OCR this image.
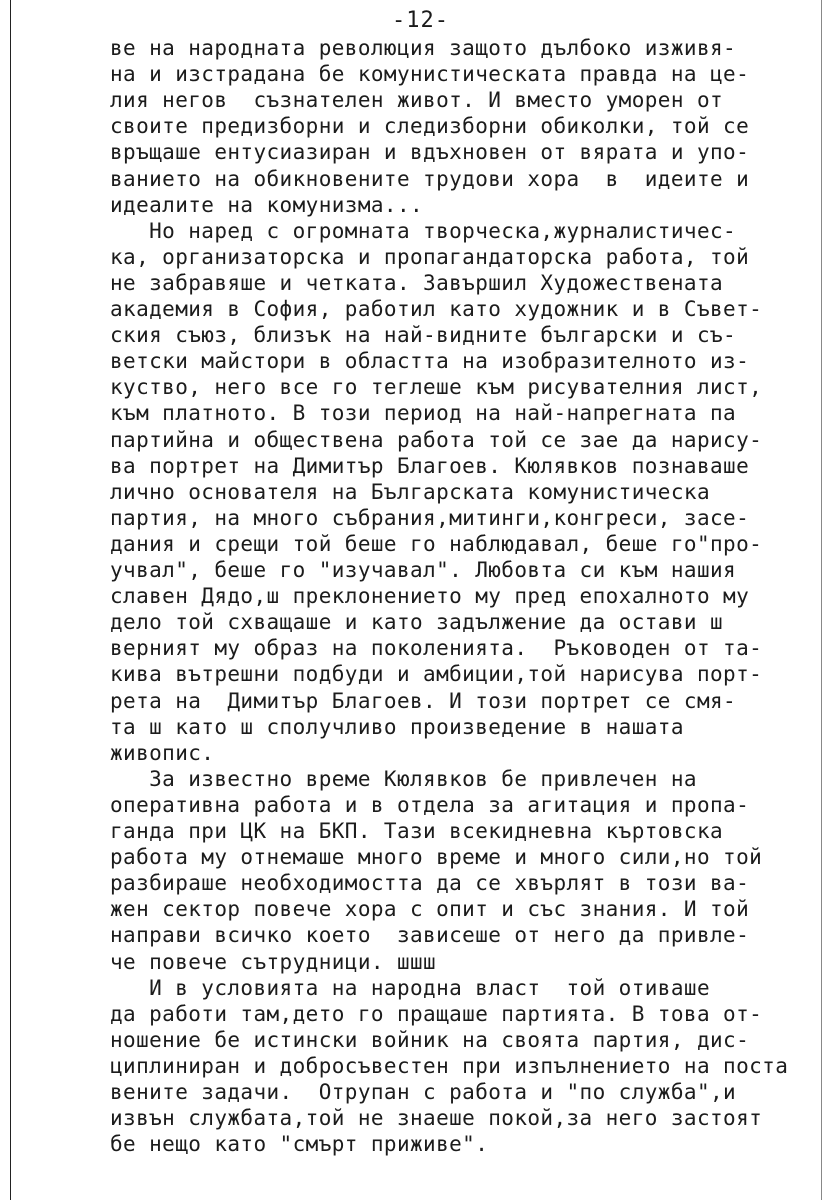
-12-
ве на народната революция защото дълбоко изживя-
на и изстрадана бе комунистическата правда на це-
лия негов  съзнателен живот. И вместо уморен от
своите предизборни и следизборни обиколки, той се
връщаше ентусиазиран и вдъхновен от вярата и упо-
ванието на обикновените трудови хора  в  идеите и
идеалите на комунизма...
Но наред с огромната творческа,журналистичес-
ка, организаторска и пропагандаторска работа, той
не забравяше и четката. Завършил Художествената
академия в София, работил като художник и в Съвет-
ския съюз, близък на най-видните български и съ-
ветски майстори в областта на изобразителното из-
куство, него все го теглеше към рисувателния лист,
към платното. В този период на най-напрегната па
партийна и обществена работа той се зае да нарису-
ва портрет на Димитър Благоев. Кюлявков познаваше
лично основателя на Българската комунистическа
партия, на много събрания,митинги,конгреси, засе-
дания и срещи той беше го наблюдавал, беше го"про-
учвал", беше го "изучавал". Любовта си към нашия
славен Дядо,ш преклонението му пред епохалното му
дело той схващаше и като задължение да остави ш
верният му образ на поколенията.  Ръководен от та-
кива вътрешни подбуди и амбиции,той нарисува порт-
рета на  Димитър Благоев. И този портрет се смя-
та ш като ш сполучливо произведение в нашата
живопис.
За известно време Кюлявков бе привлечен на
оперативна работа и в отдела за агитация и пропа-
ганда при ЦК на БКП. Тази всекидневна къртовска
работа му отнемаше много време и много сили,но той
разбираше необходимостта да се хвърлят в този ва-
жен сектор повече хора с опит и със знания. И той
направи всичко което  зависеше от него да привле-
че повече сътрудници. шшш
И в условията на народна власт  той отиваше
да работи там,дето го пращаше партията. В това от-
ношение бе истински войник на своята партия, дис-
циплиниран и добросъвестен при изпълнението на поста
вените задачи.  Отрупан с работа и "по служба",и
извън службата,той не знаеше покой,за него застоят
бе нещо като "смърт приживе".
